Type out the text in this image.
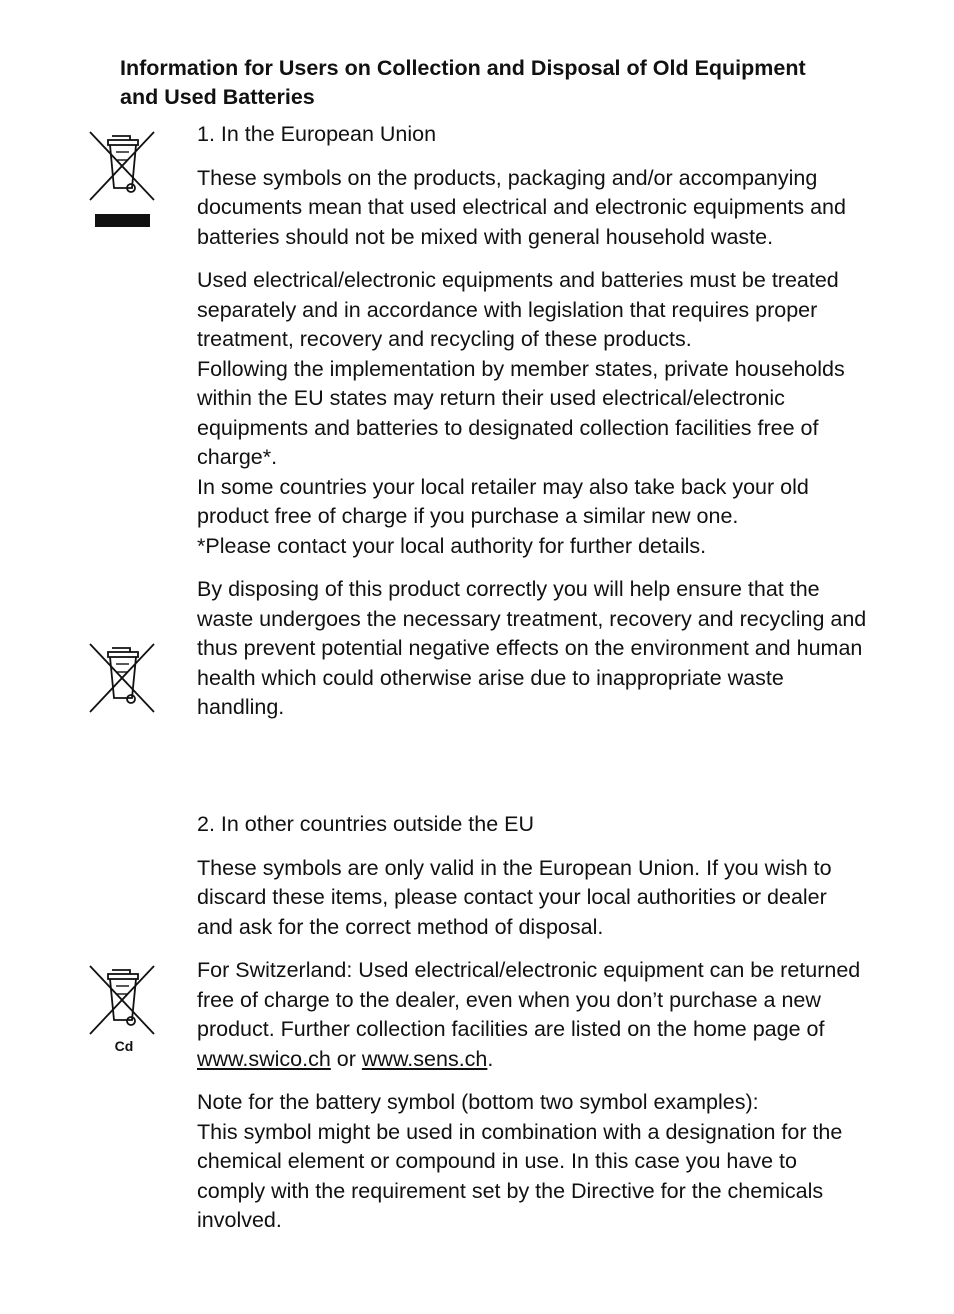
Information for Users on Collection and Disposal of Old Equipment and Used Batteries

1. In the European Union

These symbols on the products, packaging and/or accompanying documents mean that used electrical and electronic equipments and batteries should not be mixed with general household waste.

Used electrical/electronic equipments and batteries must be treated separately and in accordance with legislation that requires proper treatment, recovery and recycling of these products.

Following the implementation by member states, private households within the EU states may return their used electrical/electronic equipments and batteries to designated collection facilities free of charge*.

In some countries your local retailer may also take back your old product free of charge if you purchase a similar new one.

*Please contact your local authority for further details.

By disposing of this product correctly you will help ensure that the waste undergoes the necessary treatment, recovery and recycling and thus prevent potential negative effects on the environment and human health which could otherwise arise due to inappropriate waste handling.

2. In other countries outside the EU

These symbols are only valid in the European Union. If you wish to discard these items, please contact your local authorities or dealer and ask for the correct method of disposal.

For Switzerland: Used electrical/electronic equipment can be returned free of charge to the dealer, even when you don’t purchase a new product. Further collection facilities are listed on the home page of www.swico.ch or www.sens.ch.

Note for the battery symbol (bottom two symbol examples):

This symbol might be used in combination with a designation for the chemical element or compound in use. In this case you have to comply with the requirement set by the Directive for the chemicals involved.

Cd
